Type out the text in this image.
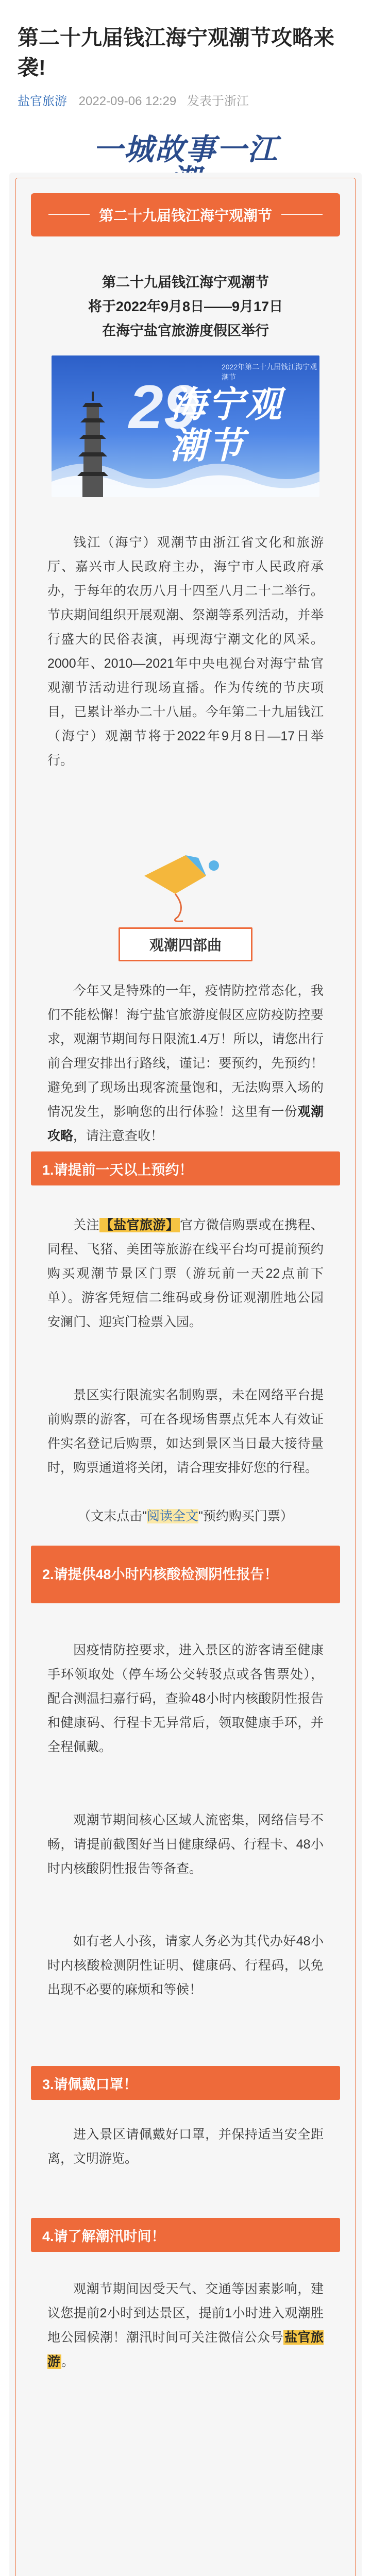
第二十九届钱江海宁观潮节攻略来袭!
盐官旅游 2022-09-06 12:29 发表于浙江
一城故事一江
第二十九届钱江海宁观潮节
第二十九届钱江海宁观潮节
将于2022年9月8日——9月17日
在海宁盐官旅游度假区举行
29
海宁观潮节
2022年第二十九届钱江海宁观潮节

钱江（海宁）观潮节由浙江省文化和旅游厅、嘉兴市人民政府主办，海宁市人民政府承办，于每年的农历八月十四至八月二十二举行。节庆期间组织开展观潮、祭潮等系列活动，并举行盛大的民俗表演，再现海宁潮文化的风采。2000年、2010—2021年中央电视台对海宁盐官观潮节活动进行现场直播。作为传统的节庆项目，已累计举办二十八届。今年第二十九届钱江（海宁）观潮节将于2022年9月8日—17日举行。

观潮四部曲

今年又是特殊的一年，疫情防控常态化，我们不能松懈！海宁盐官旅游度假区应防疫防控要求，观潮节期间每日限流1.4万！所以，请您出行前合理安排出行路线，谨记：要预约，先预约！避免到了现场出现客流量饱和，无法购票入场的情况发生，影响您的出行体验！这里有一份观潮攻略，请注意查收！

1.请提前一天以上预约！

关注【盐官旅游】官方微信购票或在携程、同程、飞猪、美团等旅游在线平台均可提前预约购买观潮节景区门票（游玩前一天22点前下单）。游客凭短信二维码或身份证观潮胜地公园安澜门、迎宾门检票入园。

景区实行限流实名制购票，未在网络平台提前购票的游客，可在各现场售票点凭本人有效证件实名登记后购票，如达到景区当日最大接待量时，购票通道将关闭，请合理安排好您的行程。

（文末点击"阅读全文"预约购买门票）

2.请提供48小时内核酸检测阴性报告！

因疫情防控要求，进入景区的游客请至健康手环领取处（停车场公交转驳点或各售票处），配合测温扫嘉行码，查验48小时内核酸阴性报告和健康码、行程卡无异常后，领取健康手环，并全程佩戴。

观潮节期间核心区域人流密集，网络信号不畅，请提前截图好当日健康绿码、行程卡、48小时内核酸阴性报告等备查。

如有老人小孩，请家人务必为其代办好48小时内核酸检测阴性证明、健康码、行程码，以免出现不必要的麻烦和等候！

3.请佩戴口罩！

进入景区请佩戴好口罩，并保持适当安全距离，文明游览。

4.请了解潮汛时间！

观潮节期间因受天气、交通等因素影响，建议您提前2小时到达景区，提前1小时进入观潮胜地公园候潮！潮汛时间可关注微信公众号盐官旅游。
